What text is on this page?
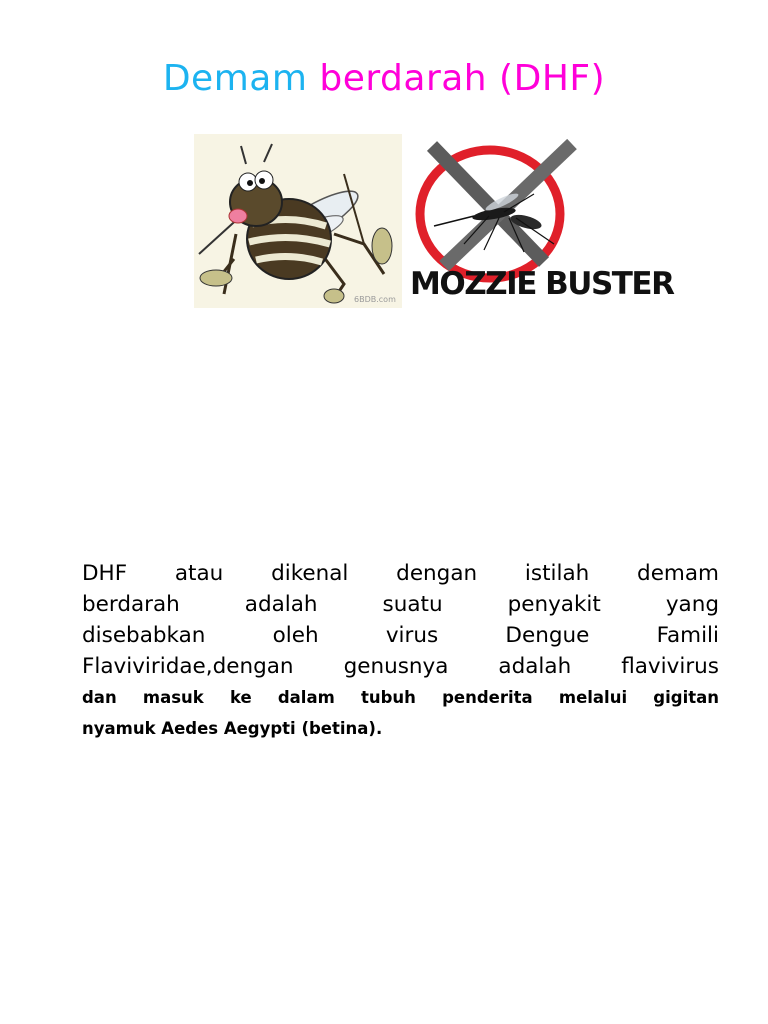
Demam berdarah (DHF)
6BDB.com MOZZIE BUSTER
DHF atau dikenal dengan istilah demam
berdarah adalah suatu penyakit yang
disebabkan oleh virus Dengue Famili
Flaviviridae,dengan genusnya adalah flavivirus
dan masuk ke dalam tubuh penderita melalui gigitan
nyamuk Aedes Aegypti (betina).
